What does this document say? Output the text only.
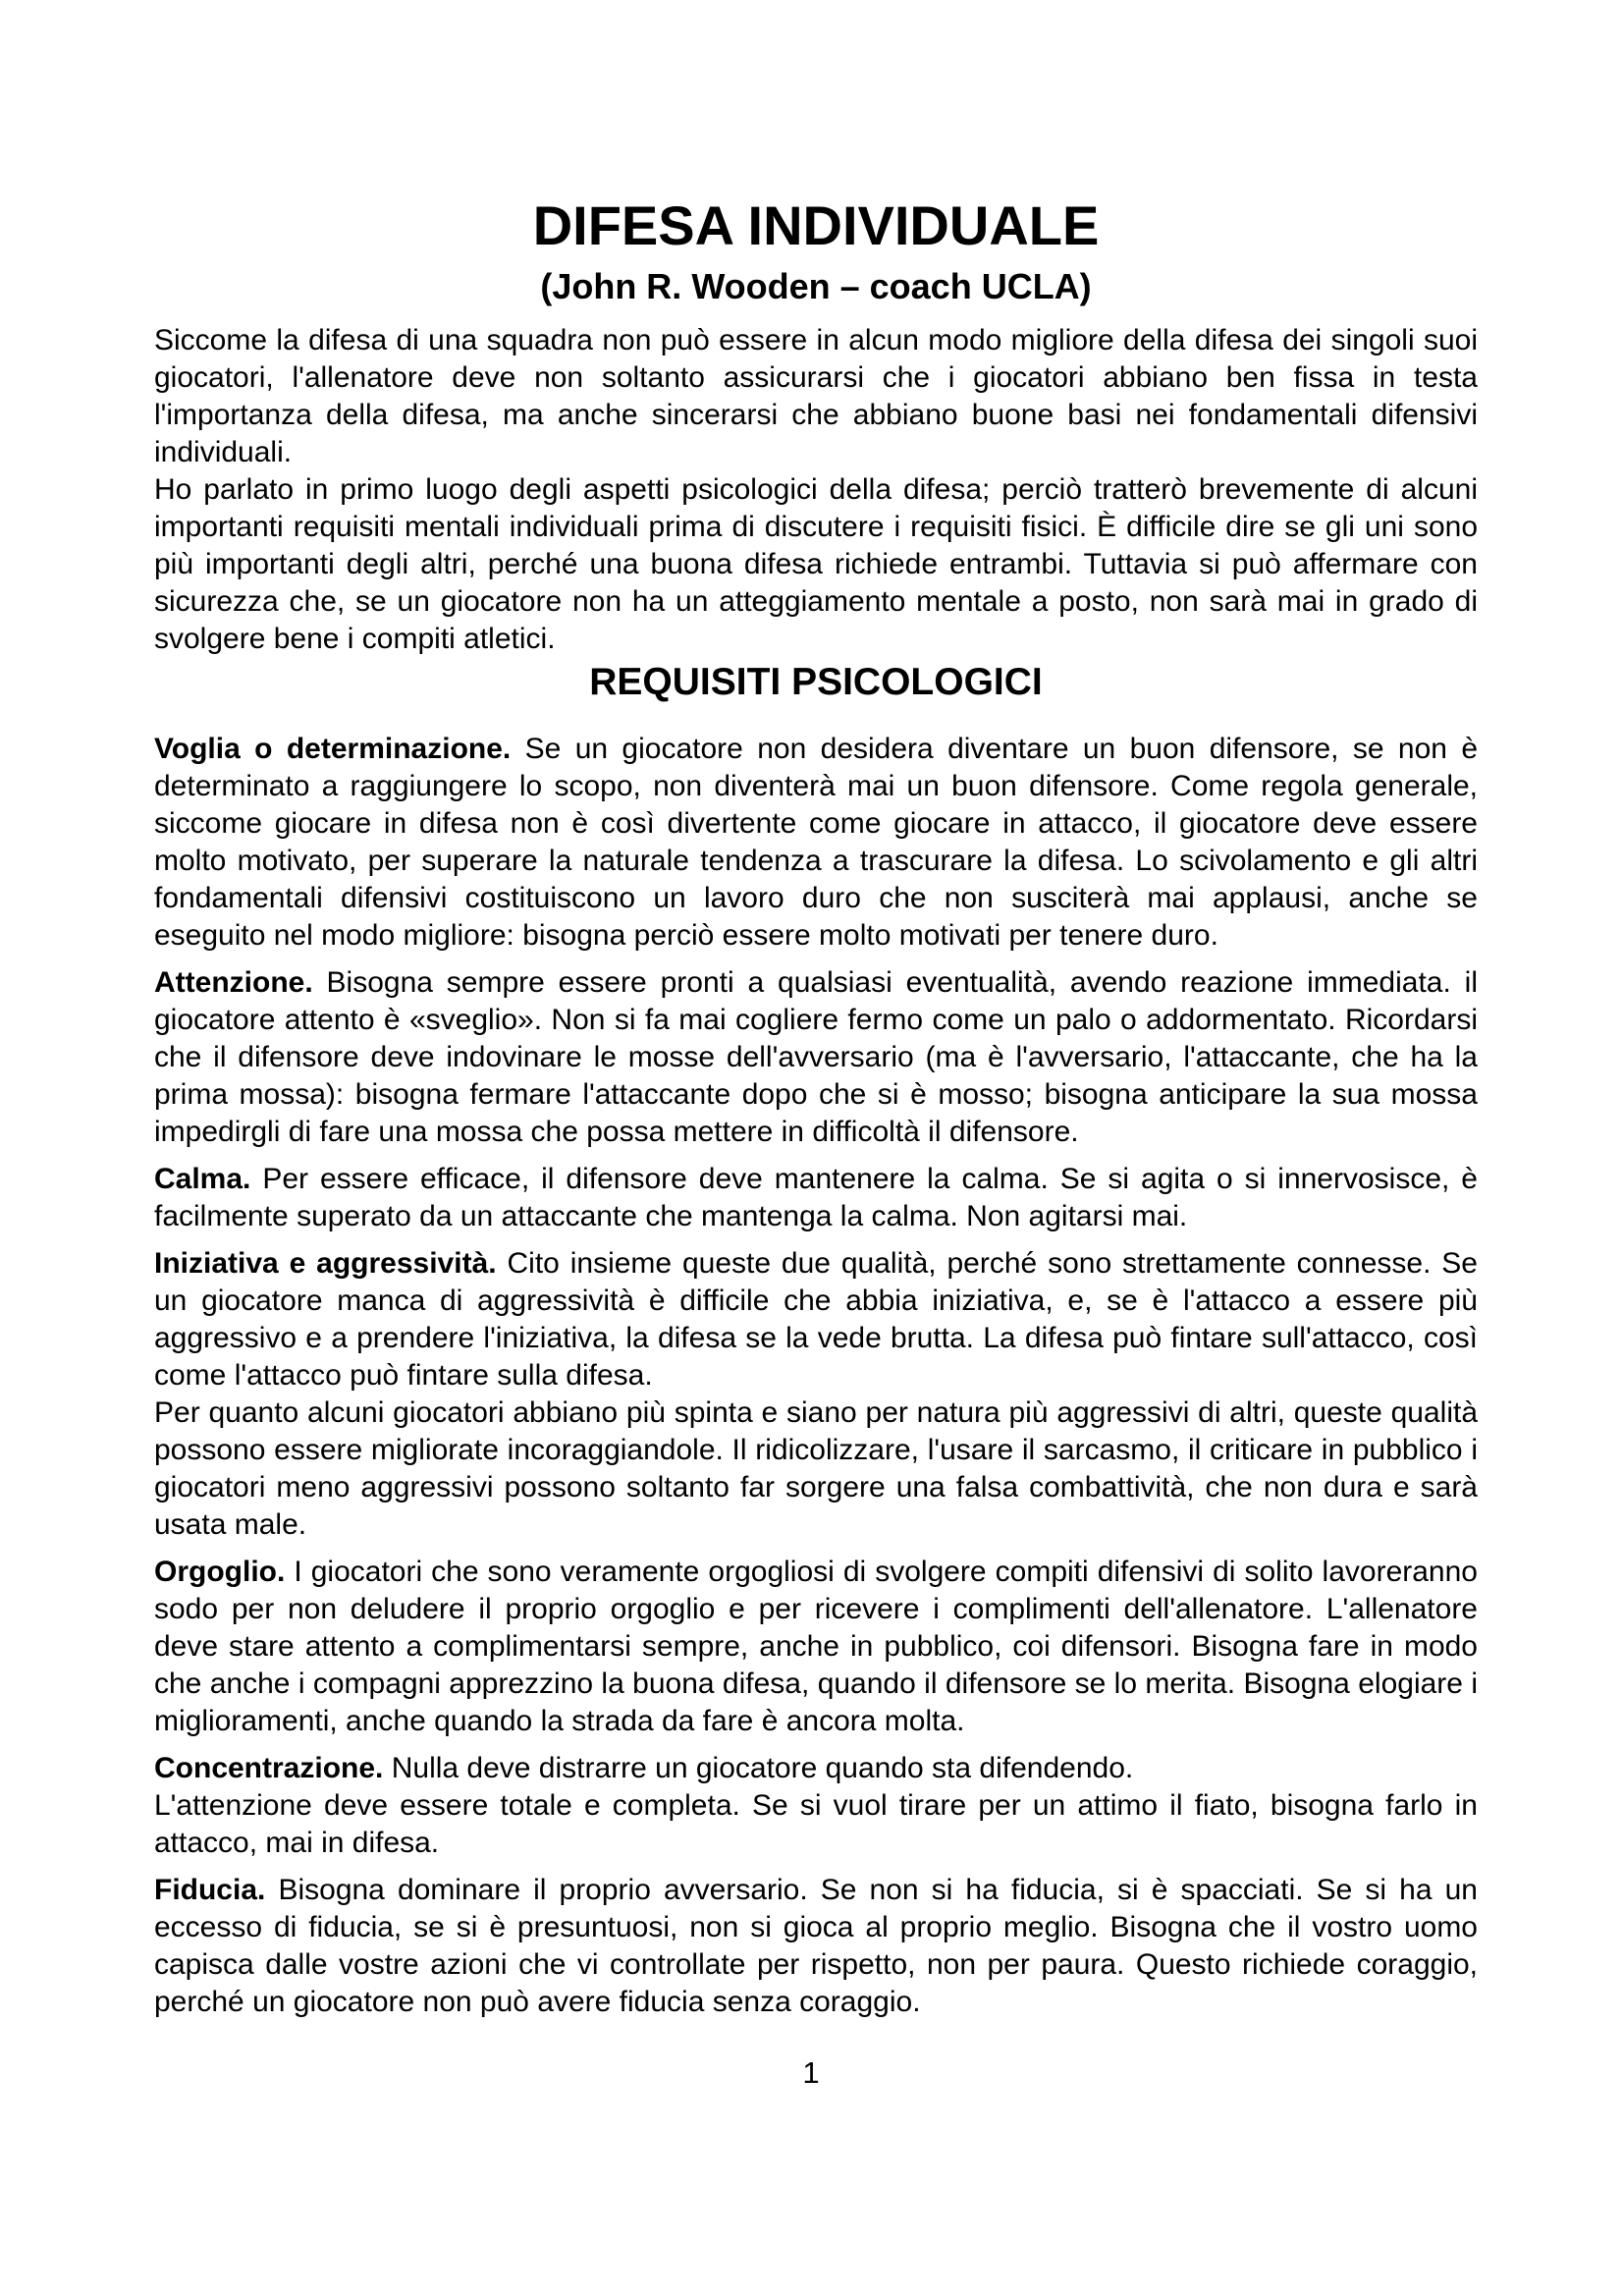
DIFESA INDIVIDUALE
(John R. Wooden – coach UCLA)

Siccome la difesa di una squadra non può essere in alcun modo migliore della difesa dei singoli suoi giocatori, l'allenatore deve non soltanto assicurarsi che i giocatori abbiano ben fissa in testa l'importanza della difesa, ma anche sincerarsi che abbiano buone basi nei fondamentali difensivi individuali.

Ho parlato in primo luogo degli aspetti psicologici della difesa; perciò tratterò brevemente di alcuni importanti requisiti mentali individuali prima di discutere i requisiti fisici. È difficile dire se gli uni sono più importanti degli altri, perché una buona difesa richiede entrambi. Tuttavia si può affermare con sicurezza che, se un giocatore non ha un atteggiamento mentale a posto, non sarà mai in grado di svolgere bene i compiti atletici.

REQUISITI PSICOLOGICI

Voglia o determinazione. Se un giocatore non desidera diventare un buon difensore, se non è determinato a raggiungere lo scopo, non diventerà mai un buon difensore. Come regola generale, siccome giocare in difesa non è così divertente come giocare in attacco, il giocatore deve essere molto motivato, per superare la naturale tendenza a trascurare la difesa. Lo scivolamento e gli altri fondamentali difensivi costituiscono un lavoro duro che non susciterà mai applausi, anche se eseguito nel modo migliore: bisogna perciò essere molto motivati per tenere duro.

Attenzione. Bisogna sempre essere pronti a qualsiasi eventualità, avendo reazione immediata. il giocatore attento è «sveglio». Non si fa mai cogliere fermo come un palo o addormentato. Ricordarsi che il difensore deve indovinare le mosse dell'avversario (ma è l'avversario, l'attaccante, che ha la prima mossa): bisogna fermare l'attaccante dopo che si è mosso; bisogna anticipare la sua mossa impedirgli di fare una mossa che possa mettere in difficoltà il difensore.

Calma. Per essere efficace, il difensore deve mantenere la calma. Se si agita o si innervosisce, è facilmente superato da un attaccante che mantenga la calma. Non agitarsi mai.

Iniziativa e aggressività. Cito insieme queste due qualità, perché sono strettamente connesse. Se un giocatore manca di aggressività è difficile che abbia iniziativa, e, se è l'attacco a essere più aggressivo e a prendere l'iniziativa, la difesa se la vede brutta. La difesa può fintare sull'attacco, così come l'attacco può fintare sulla difesa.
Per quanto alcuni giocatori abbiano più spinta e siano per natura più aggressivi di altri, queste qualità possono essere migliorate incoraggiandole. Il ridicolizzare, l'usare il sarcasmo, il criticare in pubblico i giocatori meno aggressivi possono soltanto far sorgere una falsa combattività, che non dura e sarà usata male.

Orgoglio. I giocatori che sono veramente orgogliosi di svolgere compiti difensivi di solito lavoreranno sodo per non deludere il proprio orgoglio e per ricevere i complimenti dell'allenatore. L'allenatore deve stare attento a complimentarsi sempre, anche in pubblico, coi difensori. Bisogna fare in modo che anche i compagni apprezzino la buona difesa, quando il difensore se lo merita. Bisogna elogiare i miglioramenti, anche quando la strada da fare è ancora molta.

Concentrazione. Nulla deve distrarre un giocatore quando sta difendendo.
L'attenzione deve essere totale e completa. Se si vuol tirare per un attimo il fiato, bisogna farlo in attacco, mai in difesa.

Fiducia. Bisogna dominare il proprio avversario. Se non si ha fiducia, si è spacciati. Se si ha un eccesso di fiducia, se si è presuntuosi, non si gioca al proprio meglio. Bisogna che il vostro uomo capisca dalle vostre azioni che vi controllate per rispetto, non per paura. Questo richiede coraggio, perché un giocatore non può avere fiducia senza coraggio.

1
